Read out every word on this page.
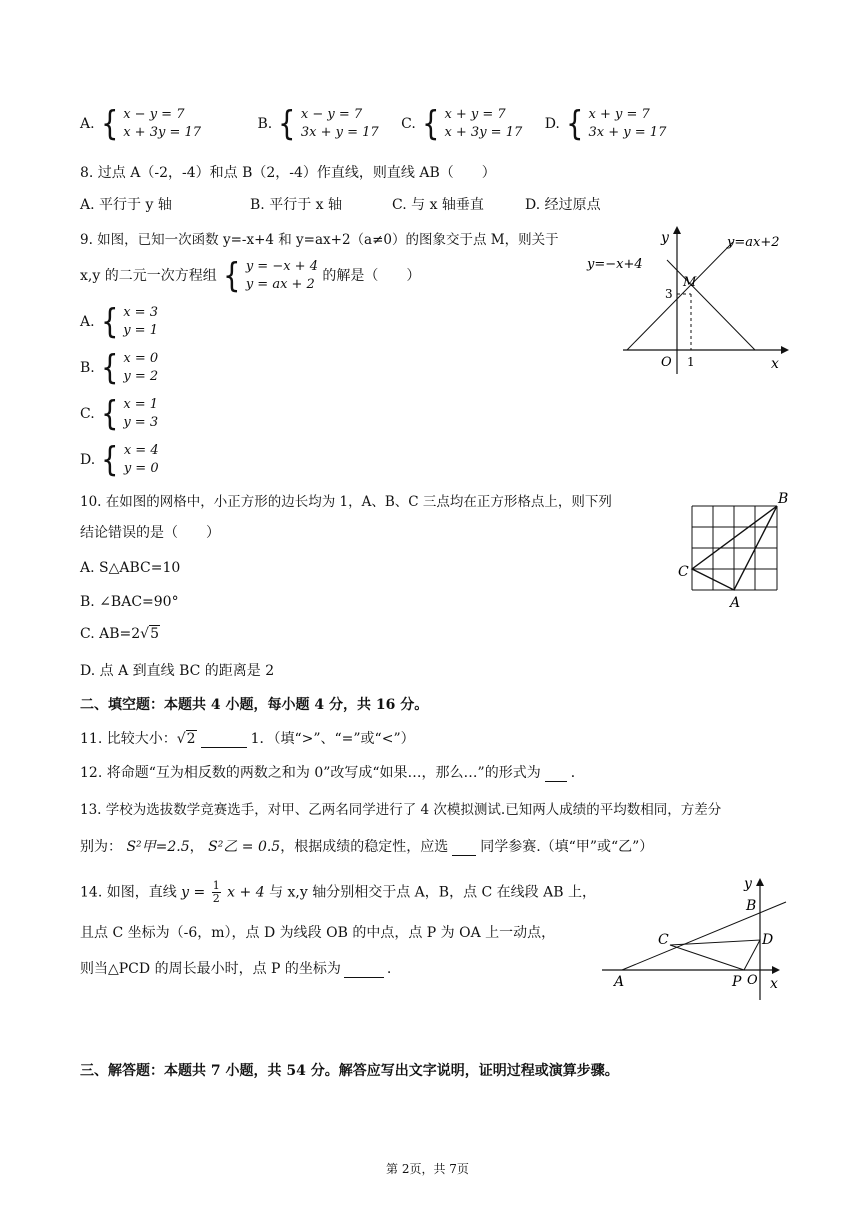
A. { x − y = 7
x + 3y = 17

B. { x − y = 7
3x + y = 17

C. { x + y = 7
x + 3y = 17

D. { x + y = 7
3x + y = 17
8. 过点 A（-2，-4）和点 B（2，-4）作直线，则直线 AB（　　）
A. 平行于 y 轴	B. 平行于 x 轴	C. 与 x 轴垂直	D. 经过原点
9. 如图，已知一次函数 y=-x+4 和 y=ax+2（a≠0）的图象交于点 M，则关于
x,y 的二元一次方程组 { y = −x + 4
y = ax + 2
的解是（　　）
A. { x = 3
y = 1
B. { x = 0
y = 2
C. { x = 1
y = 3
D. { x = 4
y = 0
y=−x+4
y=ax+2
y
x
O
M
1
3
10. 在如图的网格中，小正方形的边长均为 1，A、B、C 三点均在正方形格点上，则下列
结论错误的是（　　）
A. S△ABC=10
B. ∠BAC=90°
C. AB=2√5
D. 点 A 到直线 BC 的距离是 2
B
C
A
二、填空题：本题共 4 小题，每小题 4 分，共 16 分。
11. 比较大小：√2	1．（填“>”、“=”或“<”）
12. 将命题“互为相反数的两数之和为 0”改写成“如果…，那么…”的形式为 ．
13. 学校为选拔数学竞赛选手，对甲、乙两名同学进行了 4 次模拟测试.已知两人成绩的平均数相同，方差分
别为： S²甲=2.5， S²乙 = 0.5，根据成绩的稳定性，应选 同学参赛.（填“甲”或“乙”）
14. 如图，直线 $y = \frac{1}{2}$ x + 4 与 x,y 轴分别相交于点 A，B，点 C 在线段 AB 上，
且点 C 坐标为（-6，m），点 D 为线段 OB 的中点，点 P 为 OA 上一动点，
则当△PCD 的周长最小时，点 P 的坐标为	.
y
x
B
C	D
A	P O
三、解答题：本题共 7 小题，共 54 分。解答应写出文字说明，证明过程或演算步骤。
第 2页，共 7页
